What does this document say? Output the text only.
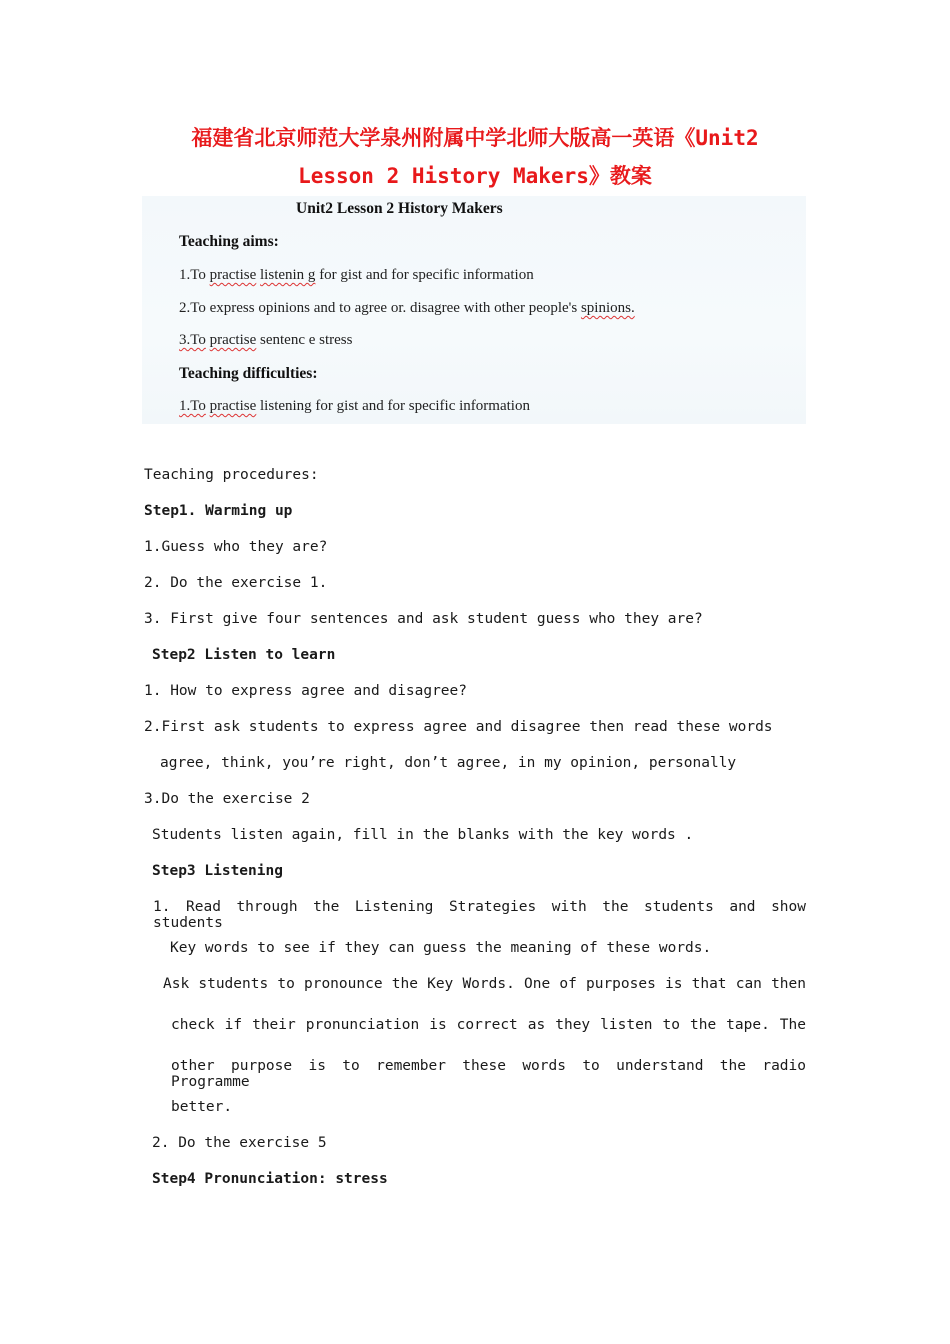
福建省北京师范大学泉州附属中学北师大版高一英语《Unit2
Lesson 2 History Makers》教案
Unit2 Lesson 2 History Makers
Teaching aims:
1.To practise listenin g for gist and for specific information
2.To express opinions and to agree or. disagree with other people's spinions.
3.To practise sentenc e stress
Teaching difficulties:
1.To practise listening for gist and for specific information
Teaching procedures:
Step1. Warming up
1.Guess who they are?
2. Do the exercise 1.
3. First give four sentences and ask student guess who they are?
Step2 Listen to learn
1. How to express agree and disagree?
2.First ask students to express agree and disagree then read these words
agree, think, you’re right, don’t agree, in my opinion, personally
3.Do the exercise 2
Students listen again, fill in the blanks with the key words .
Step3 Listening
1. Read through the Listening Strategies with the students and show students
Key words to see if they can guess the meaning of these words.
Ask students to pronounce the Key Words. One of purposes is that can then
check if their pronunciation is correct as they listen to the tape. The
other purpose is to remember these words to understand the radio Programme
better.
2. Do the exercise 5
Step4 Pronunciation: stress
